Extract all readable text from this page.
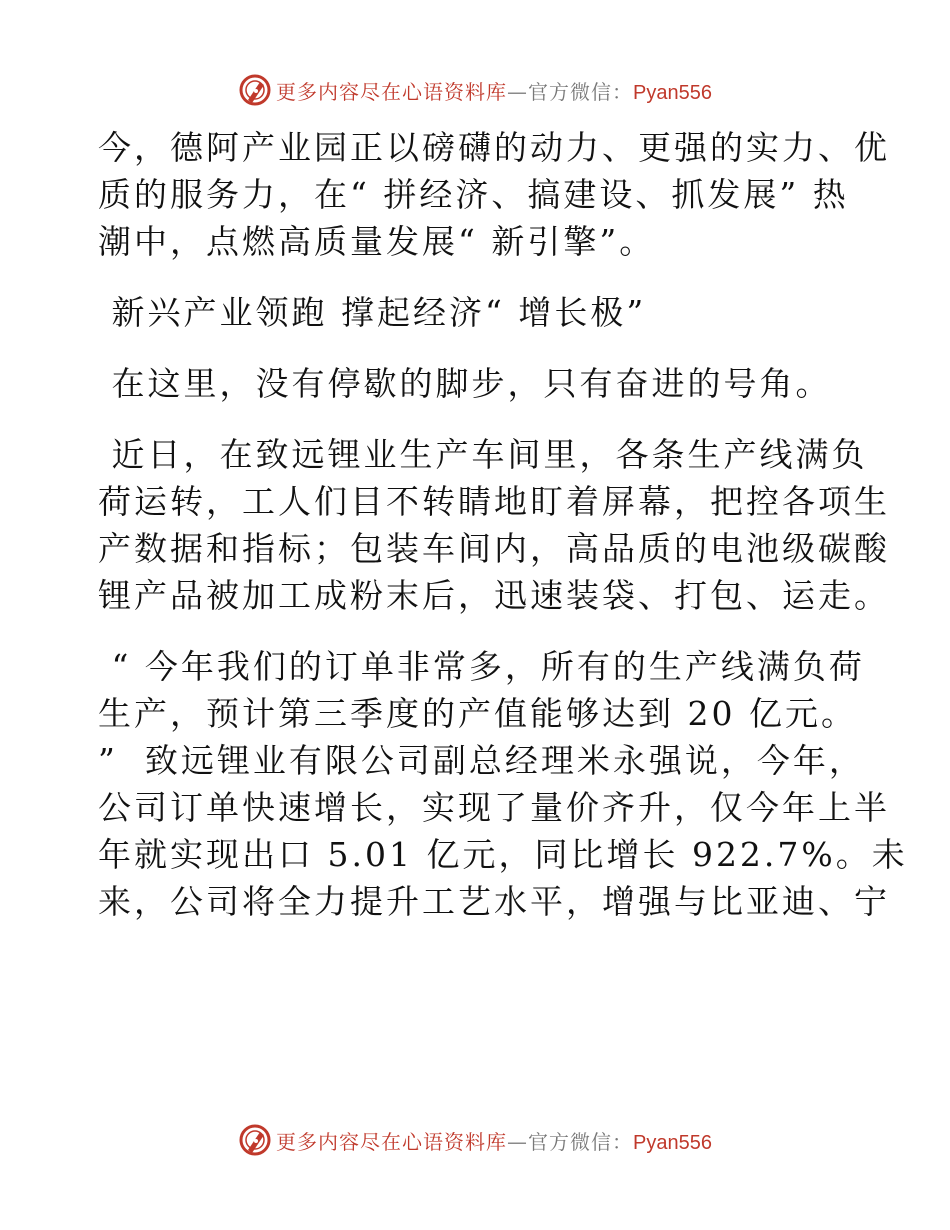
更多内容尽在心语资料库—官方微信：Pyan556
今，德阿产业园正以磅礴的动力、更强的实力、优
质的服务力，在“ 拼经济、搞建设、抓发展” 热
潮中，点燃高质量发展“ 新引擎”。
新兴产业领跑 撑起经济“ 增长极”
在这里，没有停歇的脚步，只有奋进的号角。
近日，在致远锂业生产车间里，各条生产线满负
荷运转，工人们目不转睛地盯着屏幕，把控各项生
产数据和指标；包装车间内，高品质的电池级碳酸
锂产品被加工成粉末后，迅速装袋、打包、运走。
“ 今年我们的订单非常多，所有的生产线满负荷
生产，预计第三季度的产值能够达到 20 亿元。
”  致远锂业有限公司副总经理米永强说，今年，
公司订单快速增长，实现了量价齐升，仅今年上半
年就实现出口 5.01 亿元，同比增长 922.7%。未
来，公司将全力提升工艺水平，增强与比亚迪、宁
更多内容尽在心语资料库—官方微信：Pyan556
